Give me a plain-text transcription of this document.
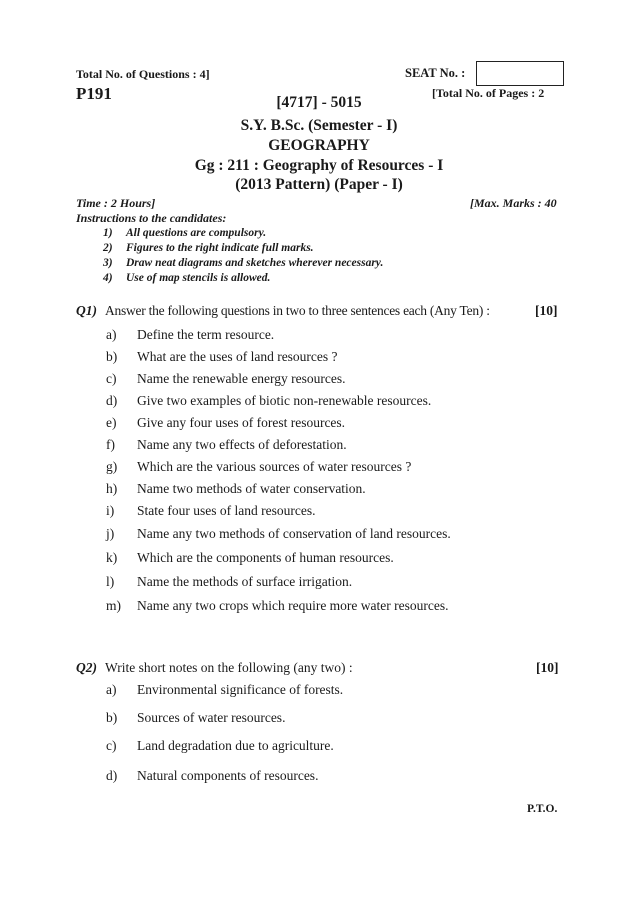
Total No. of Questions : 4]	SEAT No. :
P191	[Total No. of Pages : 2
[4717] - 5015
S.Y. B.Sc. (Semester - I)
GEOGRAPHY
Gg : 211 : Geography of Resources - I
(2013 Pattern) (Paper - I)
Time : 2 Hours]	[Max. Marks : 40
Instructions to the candidates:
1) All questions are compulsory.
2) Figures to the right indicate full marks.
3) Draw neat diagrams and sketches wherever necessary.
4) Use of map stencils is allowed.
Q1) Answer the following questions in two to three sentences each (Any Ten) :	[10]
a) Define the term resource.
b) What are the uses of land resources ?
c) Name the renewable energy resources.
d) Give two examples of biotic non-renewable resources.
e) Give any four uses of forest resources.
f) Name any two effects of deforestation.
g) Which are the various sources of water resources ?
h) Name two methods of water conservation.
i) State four uses of land resources.
j) Name any two methods of conservation of land resources.
k) Which are the components of human resources.
l) Name the methods of surface irrigation.
m) Name any two crops which require more water resources.
Q2) Write short notes on the following (any two) :	[10]
a) Environmental significance of forests.
b) Sources of water resources.
c) Land degradation due to agriculture.
d) Natural components of resources.
P.T.O.
